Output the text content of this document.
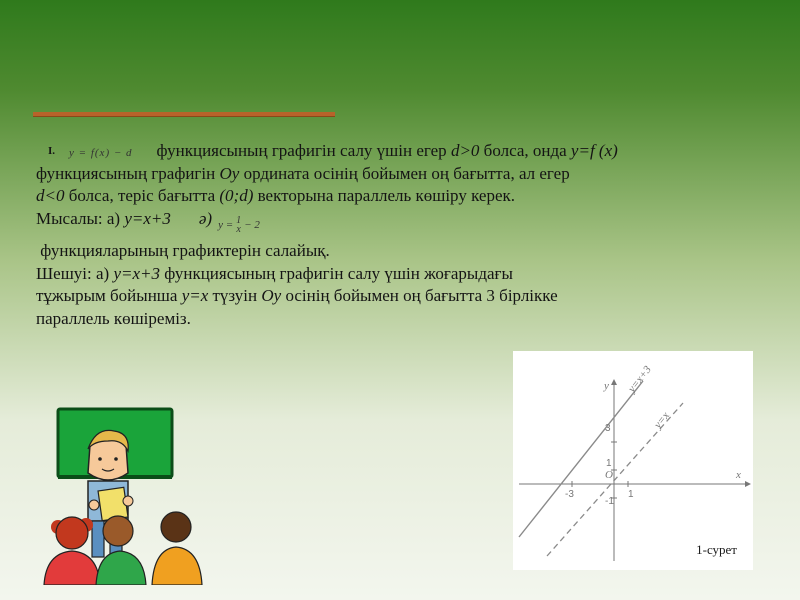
$^{I.}$ y = f(x) − d функциясының графигін салу үшін егер d>0 болса, онда y=f (x)
функциясының графигін Оу ордината осінің бойымен оң бағытта, ал егер
d<0 болса, теріс бағытта (0;d) векторына параллель көшіру керек.
Мысалы: а) y=x+3 ә) y = 1
x − 2
функцияларының графиктерін салайық.
Шешуі: а) y=x+3 функциясының графигін салу үшін жоғарыдағы
тұжырым бойынша y=x түзуін Оу осінің бойымен оң бағытта 3 бірлікке
параллель көшіреміз.
y=x+3
y=x
x
y
O
3
1
-1
-3	1
1-сурет
